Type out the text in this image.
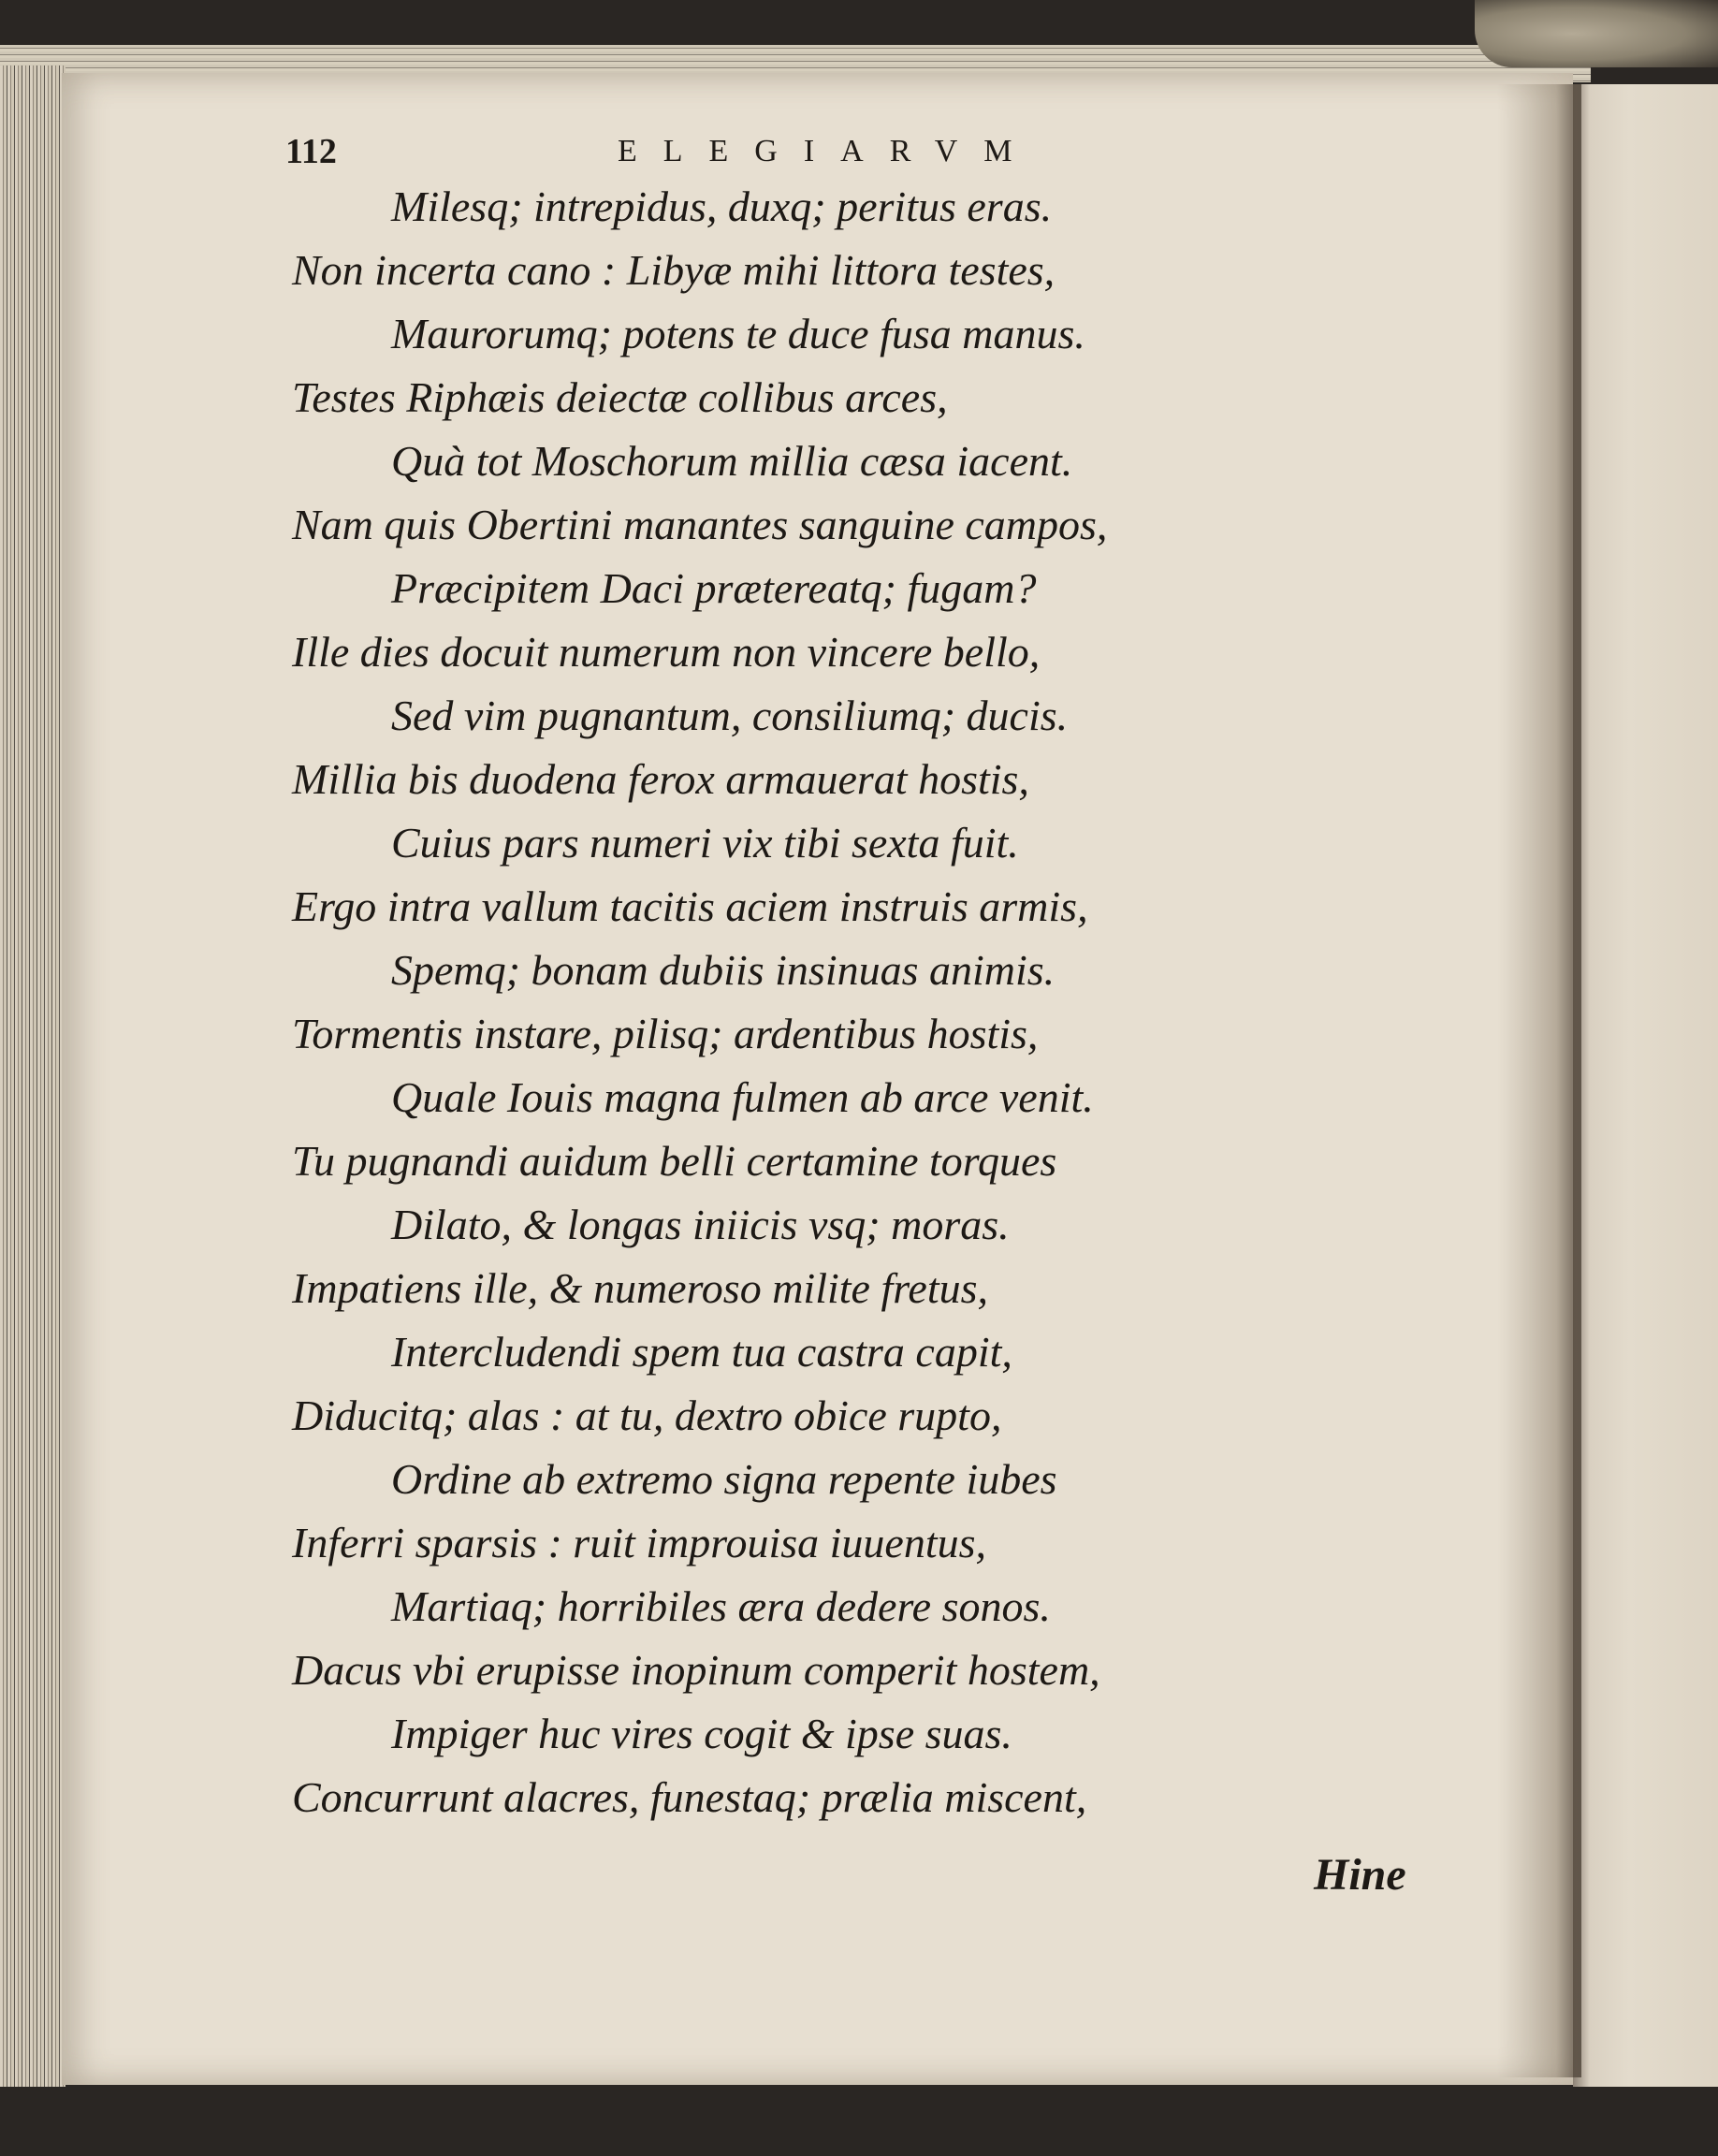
112	ELEGIARVM
Milesq; intrepidus, duxq; peritus eras.
Non incerta cano : Libyæ mihi littora testes,
Maurorumq; potens te duce fusa manus.
Testes Riphæis deiectæ collibus arces,
Quà tot Moschorum millia cæsa iacent.
Nam quis Obertini manantes sanguine campos,
Præcipitem Daci prætereatq; fugam?
Ille dies docuit numerum non vincere bello,
Sed vim pugnantum, consiliumq; ducis.
Millia bis duodena ferox armauerat hostis,
Cuius pars numeri vix tibi sexta fuit.
Ergo intra vallum tacitis aciem instruis armis,
Spemq; bonam dubiis insinuas animis.
Tormentis instare, pilisq; ardentibus hostis,
Quale Iouis magna fulmen ab arce venit.
Tu pugnandi auidum belli certamine torques
Dilato, & longas iniicis vsq; moras.
Impatiens ille, & numeroso milite fretus,
Intercludendi spem tua castra capit,
Diducitq; alas : at tu, dextro obice rupto,
Ordine ab extremo signa repente iubes
Inferri sparsis : ruit improuisa iuuentus,
Martiaq; horribiles æra dedere sonos.
Dacus vbi erupisse inopinum comperit hostem,
Impiger huc vires cogit & ipse suas.
Concurrunt alacres, funestaq; prælia miscent,
Hine
